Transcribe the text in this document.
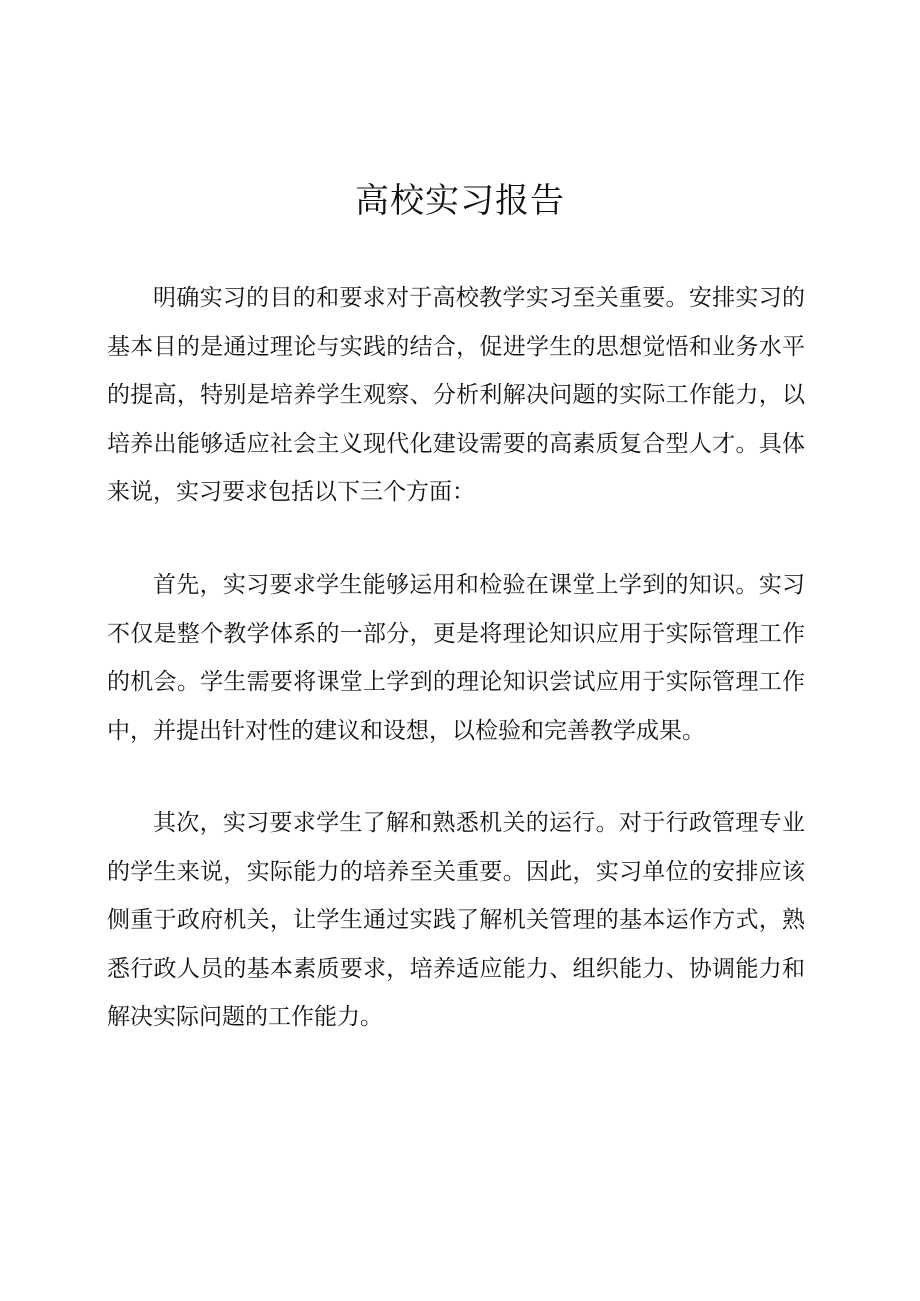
高校实习报告

明确实习的目的和要求对于高校教学实习至关重要。安排实习的基本目的是通过理论与实践的结合，促进学生的思想觉悟和业务水平的提高，特别是培养学生观察、分析利解决问题的实际工作能力，以培养出能够适应社会主义现代化建设需要的高素质复合型人才。具体来说，实习要求包括以下三个方面：

首先，实习要求学生能够运用和检验在课堂上学到的知识。实习不仅是整个教学体系的一部分，更是将理论知识应用于实际管理工作的机会。学生需要将课堂上学到的理论知识尝试应用于实际管理工作中，并提出针对性的建议和设想，以检验和完善教学成果。

其次，实习要求学生了解和熟悉机关的运行。对于行政管理专业的学生来说，实际能力的培养至关重要。因此，实习单位的安排应该侧重于政府机关，让学生通过实践了解机关管理的基本运作方式，熟悉行政人员的基本素质要求，培养适应能力、组织能力、协调能力和解决实际问题的工作能力。
